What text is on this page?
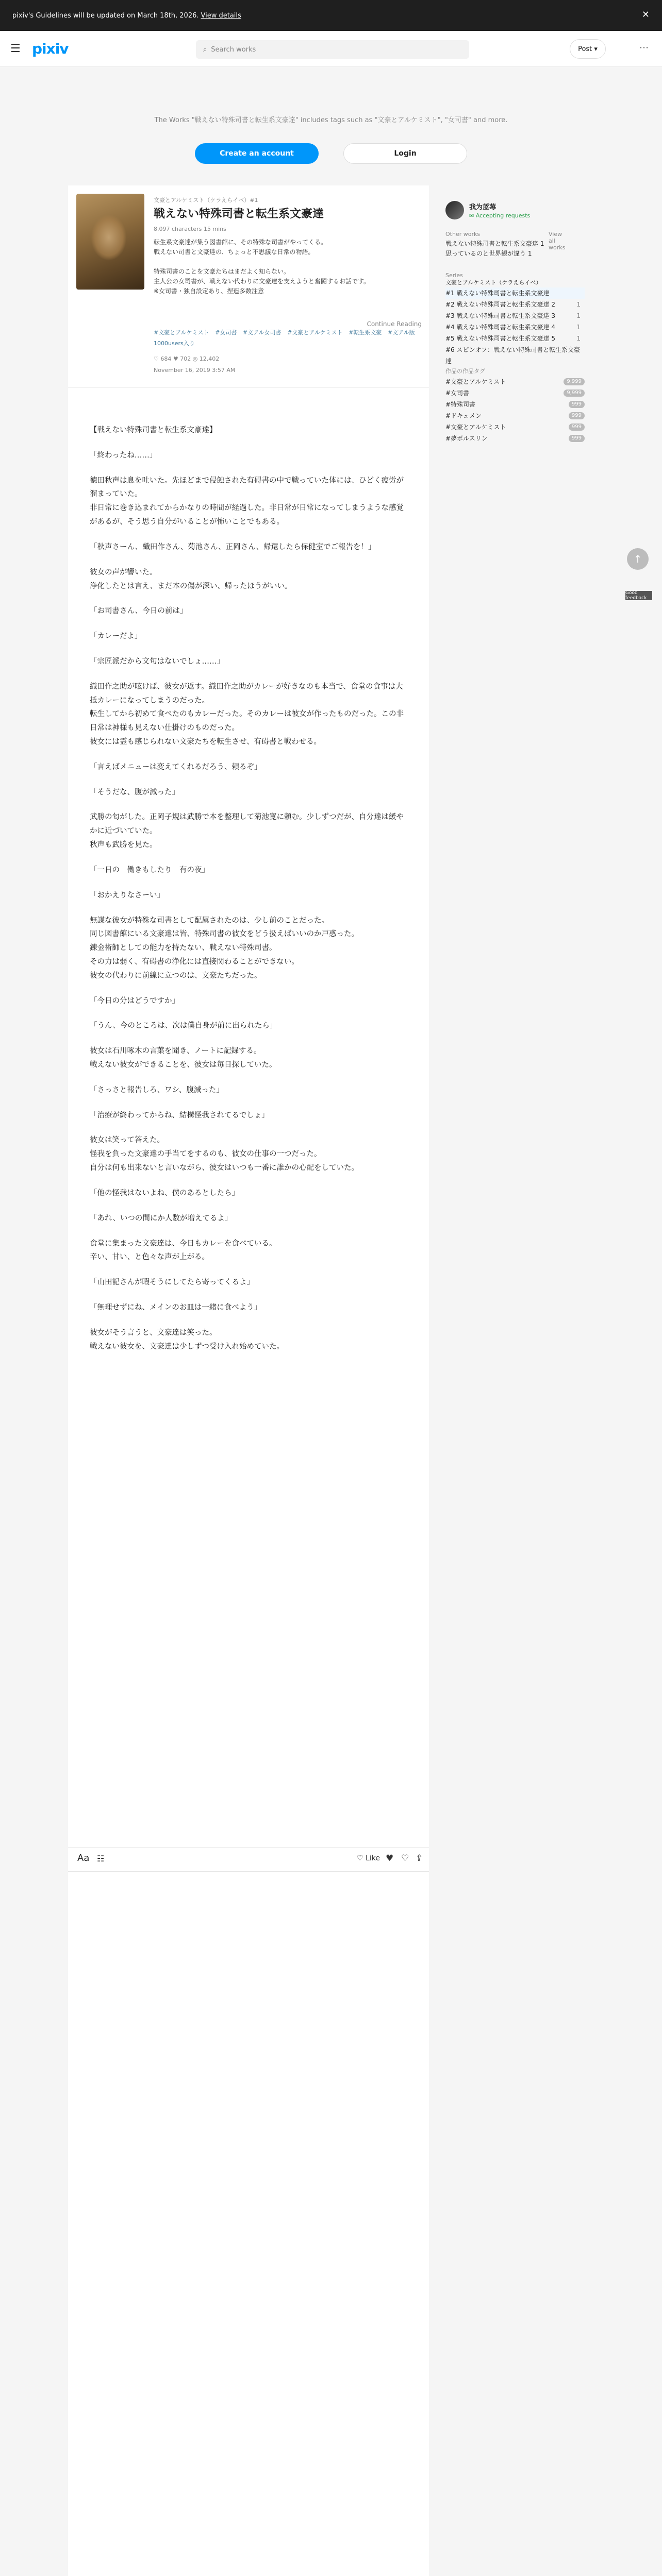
pixiv's Guidelines will be updated on March 18th, 2026. View details	✕
☰ pixiv	⌕ Search works	Post ▾	⋯
The Works "戦えない特殊司書と転生系文豪達" includes tags such as "文豪とアルケミスト", "女司書" and more.
Create an account	Login
文豪とアルケミスト（ケラえらイベ）#1
戦えない特殊司書と転生系文豪達
8,097 characters 15 mins
転生系文豪達が集う図書館に、その特殊な司書がやってくる。
戦えない司書と文豪達の、ちょっと不思議な日常の物語。

特殊司書のことを文豪たちはまだよく知らない。
主人公の女司書が、戦えない代わりに文豪達を支えようと奮闘するお話です。
※女司書・独自設定あり、捏造多数注意
Continue Reading
#文豪とアルケミスト #女司書 #文アル女司書 #文豪とアルケミスト #転生系文豪 #文アル版1000users入り
♡ 684 ♥ 702 ◎ 12,402
November 16, 2019 3:57 AM

【戦えない特殊司書と転生系文豪達】

「終わったね……」

徳田秋声は息を吐いた。先ほどまで侵蝕された有碍書の中で戦っていた体には、ひどく疲労が溜まっていた。
非日常に巻き込まれてからかなりの時間が経過した。非日常が日常になってしまうような感覚があるが、そう思う自分がいることが怖いことでもある。

「秋声さーん、織田作さん、菊池さん、正岡さん、帰還したら保健室でご報告を！」

彼女の声が響いた。
浄化したとは言え、まだ本の傷が深い、帰ったほうがいい。

「お司書さん、今日の前は」

「カレーだよ」

「宗匠派だから文句はないでしょ……」

織田作之助が呟けば、彼女が返す。織田作之助がカレーが好きなのも本当で、食堂の食事は大抵カレーになってしまうのだった。
転生してから初めて食べたのもカレーだった。そのカレーは彼女が作ったものだった。この非日常は神様も見えない仕掛けのものだった。
彼女には霊も感じられない文豪たちを転生させ、有碍書と戦わせる。

「言えばメニューは変えてくれるだろう、頼るぞ」

「そうだな、腹が減った」

武勝の匂がした。正岡子規は武勝で本を整理して菊池寛に頼む。少しずつだが、自分達は緩やかに近づいていた。
秋声も武勝を見た。

「一日の　働きもしたり　有の夜」

「おかえりなさーい」

無謀な彼女が特殊な司書として配属されたのは、少し前のことだった。
同じ図書館にいる文豪達は皆、特殊司書の彼女をどう扱えばいいのか戸惑った。
錬金術師としての能力を持たない、戦えない特殊司書。
その力は弱く、有碍書の浄化には直接関わることができない。
彼女の代わりに前線に立つのは、文豪たちだった。

「今日の分はどうですか」

「うん、今のところは、次は僕自身が前に出られたら」

彼女は石川啄木の言葉を聞き、ノートに記録する。
戦えない彼女ができることを、彼女は毎日探していた。

「さっさと報告しろ、ワシ、腹減った」

「治療が終わってからね、結構怪我されてるでしょ」

彼女は笑って答えた。
怪我を負った文豪達の手当てをするのも、彼女の仕事の一つだった。
自分は何も出来ないと言いながら、彼女はいつも一番に誰かの心配をしていた。

「他の怪我はないよね、僕のあるとしたら」

「あれ、いつの間にか人数が増えてるよ」

食堂に集まった文豪達は、今日もカレーを食べている。
辛い、甘い、と色々な声が上がる。

「山田記さんが暇そうにしてたら寄ってくるよ」

「無理せずにね、メインのお皿は一緒に食べよう」

彼女がそう言うと、文豪達は笑った。
戦えない彼女を、文豪達は少しずつ受け入れ始めていた。

Aa ☷	♡ Like ♥ ♡ ⇪
我为蓝莓
✉ Accepting requests
Other works	View all works
戦えない特殊司書と転生系文豪達 1
思っているのと世界観が違う 1
Series
文豪とアルケミスト（ケラえらイベ）
#1 戦えない特殊司書と転生系文豪達
#2 戦えない特殊司書と転生系文豪達 2	1
#3 戦えない特殊司書と転生系文豪達 3	1
#4 戦えない特殊司書と転生系文豪達 4	1
#5 戦えない特殊司書と転生系文豪達 5	1
#6 スピンオフ：戦えない特殊司書と転生系文豪達
作品の作品タグ
#文豪とアルケミスト	9,999
#女司書	9,999
#特殊司書	999
#ドキュメン	999
#文豪とアルケミスト	999
#夢ボルスリン	999
↑
Good feedback
